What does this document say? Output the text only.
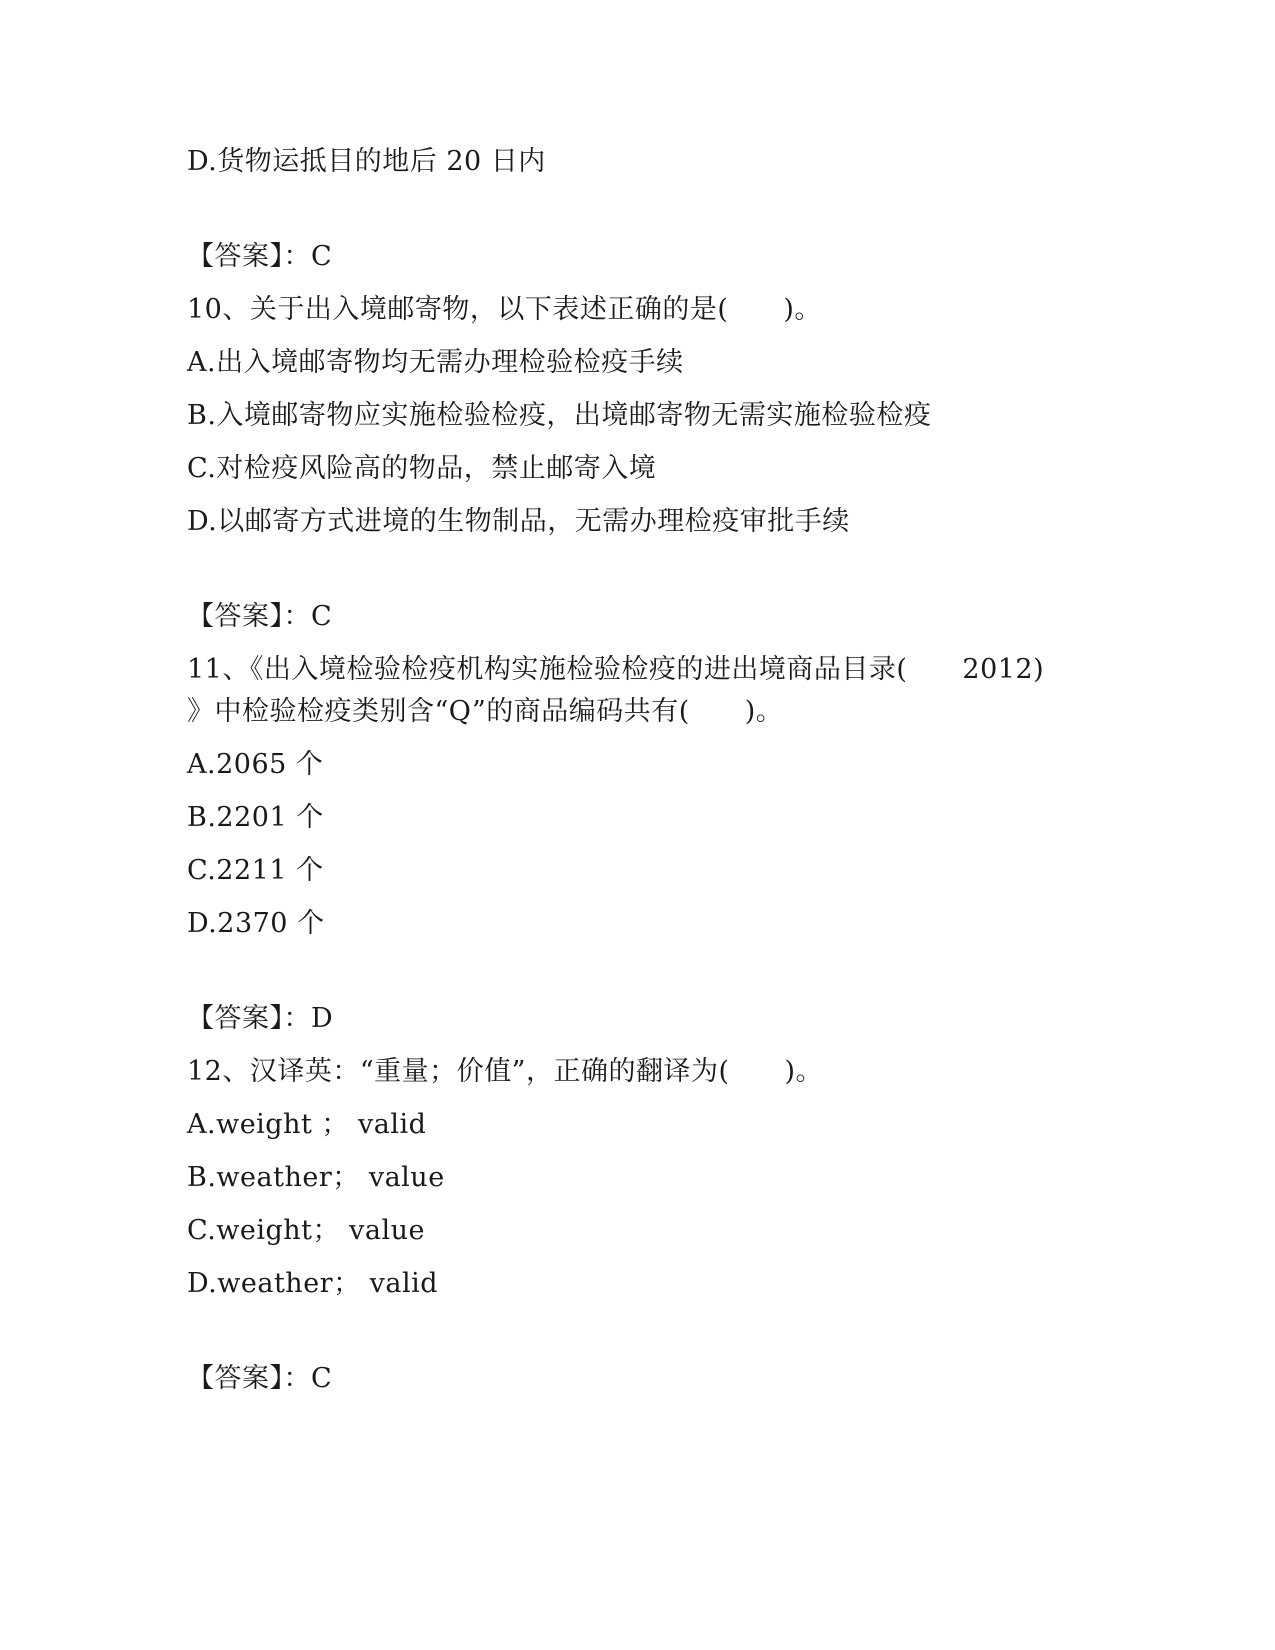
D.货物运抵目的地后 20 日内
【答案】：C
10、关于出入境邮寄物，以下表述正确的是(　　)。
A.出入境邮寄物均无需办理检验检疫手续
B.入境邮寄物应实施检验检疫，出境邮寄物无需实施检验检疫
C.对检疫风险高的物品，禁止邮寄入境
D.以邮寄方式进境的生物制品，无需办理检疫审批手续
【答案】：C
11、《出入境检验检疫机构实施检验检疫的进出境商品目录(　　2012)
》中检验检疫类别含“Q”的商品编码共有(　　)。
A.2065 个
B.2201 个
C.2211 个
D.2370 个
【答案】：D
12、汉译英：“重量；价值”，正确的翻译为(　　)。
A.weight ； valid
B.weather； value
C.weight； value
D.weather； valid
【答案】：C
